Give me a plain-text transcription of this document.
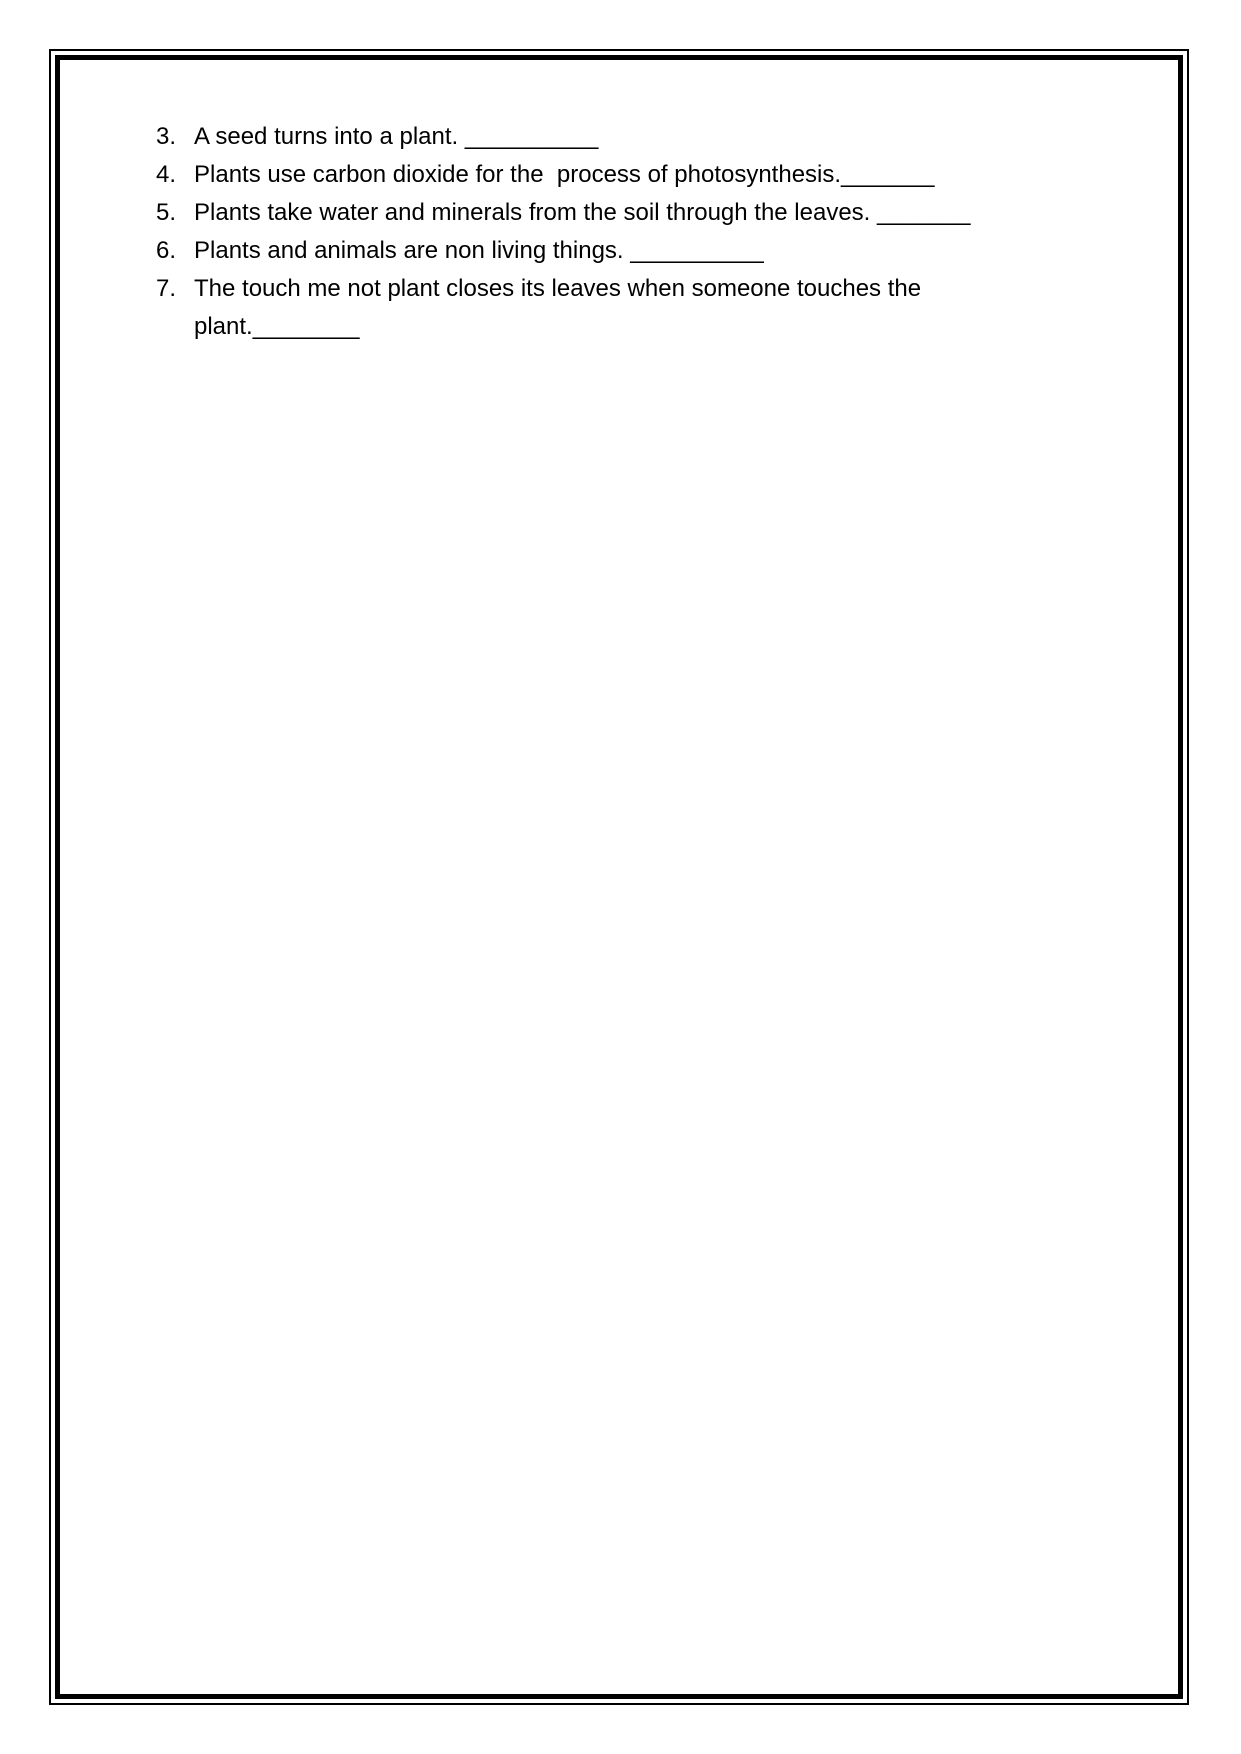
3. A seed turns into a plant. __________
4. Plants use carbon dioxide for the  process of photosynthesis._______
5. Plants take water and minerals from the soil through the leaves. _______
6. Plants and animals are non living things. __________
7. The touch me not plant closes its leaves when someone touches the plant.________
